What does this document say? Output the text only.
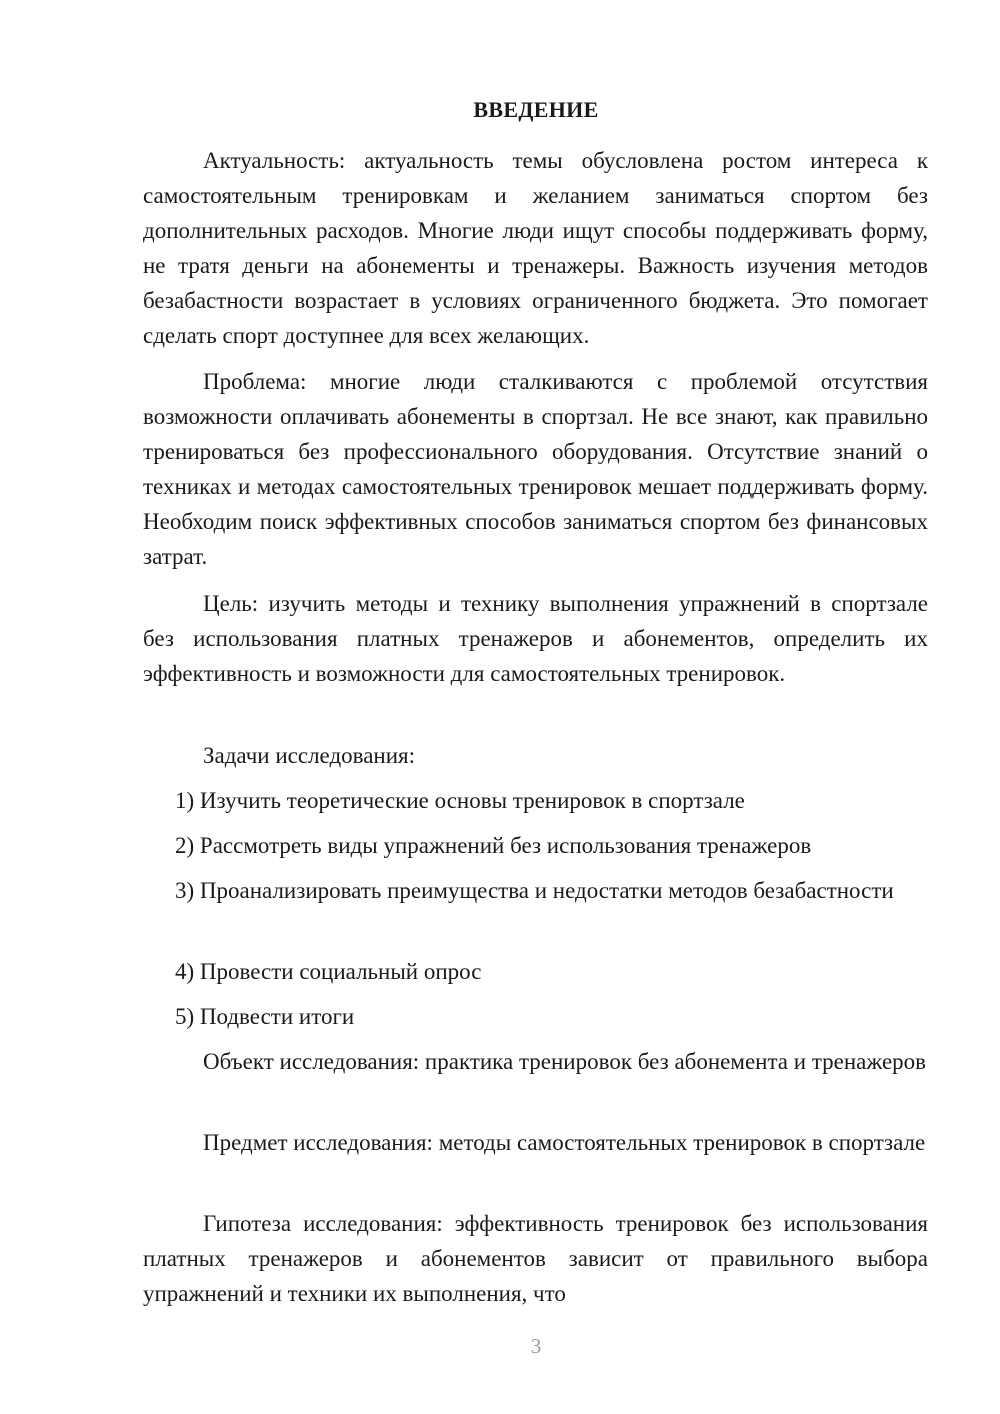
ВВЕДЕНИЕ

Актуальность: актуальность темы обусловлена ростом интереса к самостоятельным тренировкам и желанием заниматься спортом без дополнительных расходов. Многие люди ищут способы поддерживать форму, не тратя деньги на абонементы и тренажеры. Важность изучения методов безабастности возрастает в условиях ограниченного бюджета. Это помогает сделать спорт доступнее для всех желающих.

Проблема: многие люди сталкиваются с проблемой отсутствия возможности оплачивать абонементы в спортзал. Не все знают, как правильно тренироваться без профессионального оборудования. Отсутствие знаний о техниках и методах самостоятельных тренировок мешает поддерживать форму. Необходим поиск эффективных способов заниматься спортом без финансовых затрат.

Цель: изучить методы и технику выполнения упражнений в спортзале без использования платных тренажеров и абонементов, определить их эффективность и возможности для самостоятельных тренировок.

Задачи исследования:

1) Изучить теоретические основы тренировок в спортзале

2) Рассмотреть виды упражнений без использования тренажеров

3) Проанализировать преимущества и недостатки методов безабастности

4) Провести социальный опрос

5) Подвести итоги

Объект исследования: практика тренировок без абонемента и тренажеров

Предмет исследования: методы самостоятельных тренировок в спортзале

Гипотеза исследования: эффективность тренировок без использования платных тренажеров и абонементов зависит от правильного выбора упражнений и техники их выполнения, что

3
